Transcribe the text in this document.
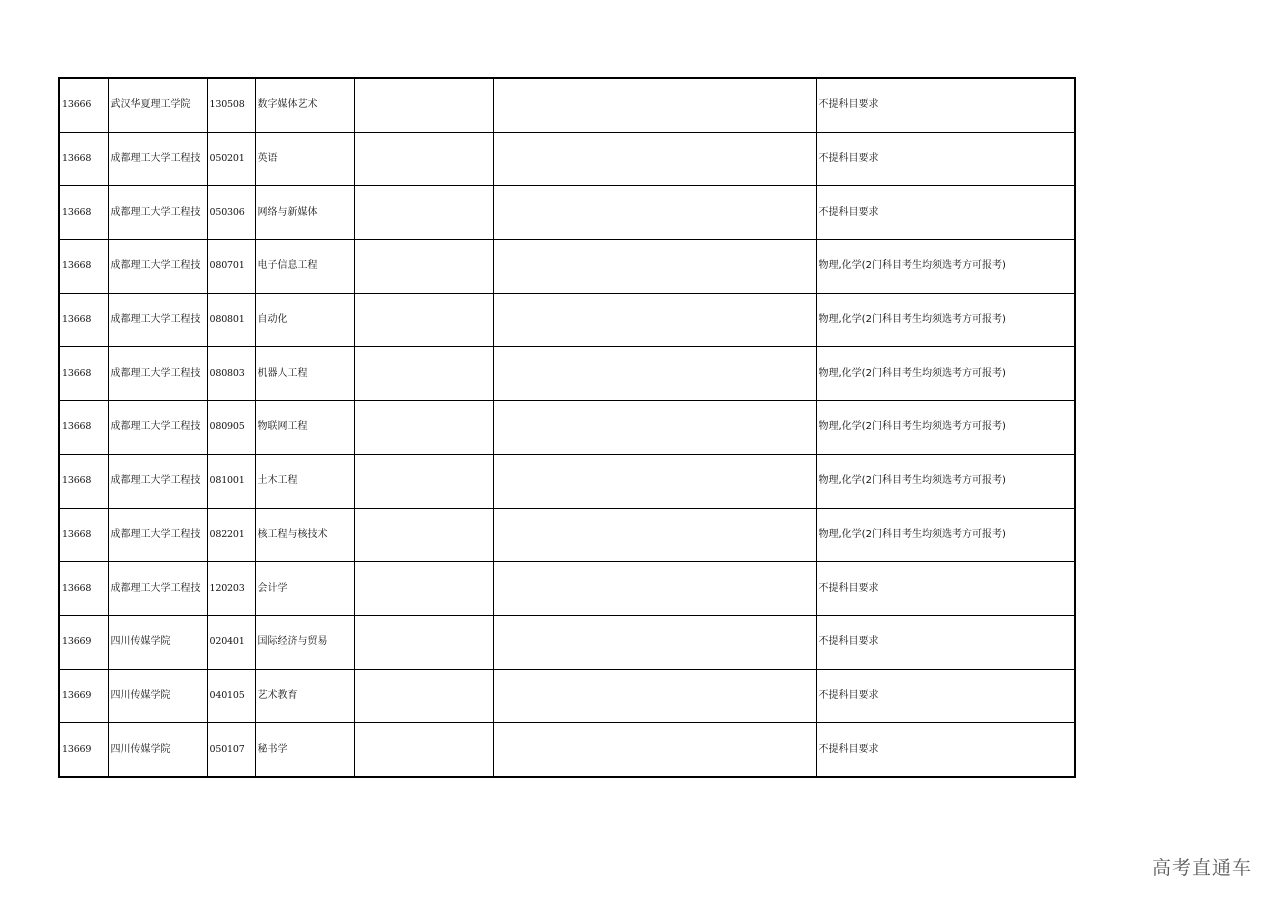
13666	武汉华夏理工学院	130508	数字媒体艺术			不提科目要求
13668	成都理工大学工程技	050201	英语			不提科目要求
13668	成都理工大学工程技	050306	网络与新媒体			不提科目要求
13668	成都理工大学工程技	080701	电子信息工程			物理,化学(2门科目考生均须选考方可报考)
13668	成都理工大学工程技	080801	自动化			物理,化学(2门科目考生均须选考方可报考)
13668	成都理工大学工程技	080803	机器人工程			物理,化学(2门科目考生均须选考方可报考)
13668	成都理工大学工程技	080905	物联网工程			物理,化学(2门科目考生均须选考方可报考)
13668	成都理工大学工程技	081001	土木工程			物理,化学(2门科目考生均须选考方可报考)
13668	成都理工大学工程技	082201	核工程与核技术			物理,化学(2门科目考生均须选考方可报考)
13668	成都理工大学工程技	120203	会计学			不提科目要求
13669	四川传媒学院	020401	国际经济与贸易			不提科目要求
13669	四川传媒学院	040105	艺术教育			不提科目要求
13669	四川传媒学院	050107	秘书学			不提科目要求
高考直通车
